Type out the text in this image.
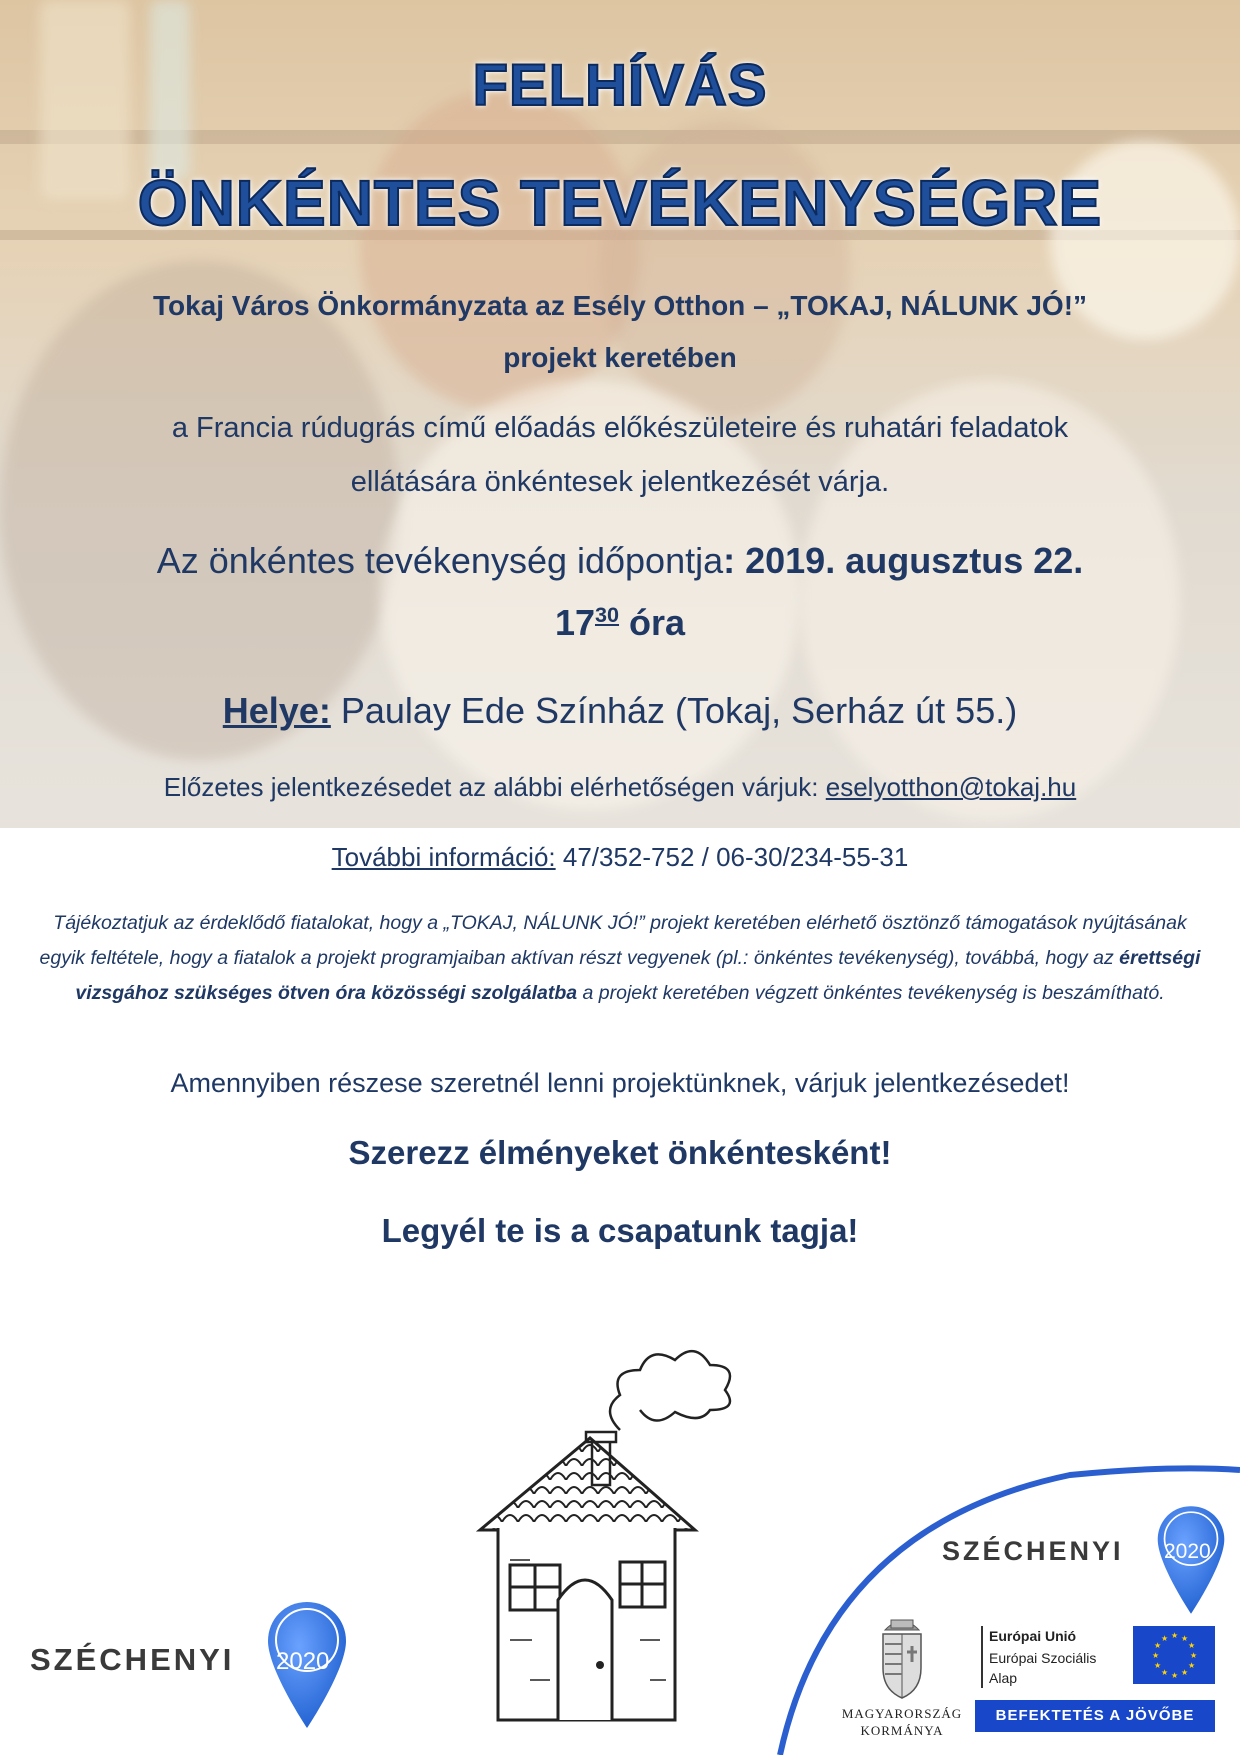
FELHÍVÁS
ÖNKÉNTES TEVÉKENYSÉGRE
Tokaj Város Önkormányzata az Esély Otthon – „TOKAJ, NÁLUNK JÓ!”
projekt keretében
a Francia rúdugrás című előadás előkészületeire és ruhatári feladatok
ellátására önkéntesek jelentkezését várja.
Az önkéntes tevékenység időpontja: 2019. augusztus 22.
$17^{30}$ óra
Helye: Paulay Ede Színház (Tokaj, Serház út 55.)
Előzetes jelentkezésedet az alábbi elérhetőségen várjuk: eselyotthon@tokaj.hu
További információ: 47/352-752 / 06-30/234-55-31
Tájékoztatjuk az érdeklődő fiatalokat, hogy a „TOKAJ, NÁLUNK JÓ!” projekt keretében elérhető ösztönző támogatások nyújtásának egyik feltétele, hogy a fiatalok a projekt programjaiban aktívan részt vegyenek (pl.: önkéntes tevékenység), továbbá, hogy az érettségi vizsgához szükséges ötven óra közösségi szolgálatba a projekt keretében végzett önkéntes tevékenység is beszámítható.
Amennyiben részese szeretnél lenni projektünknek, várjuk jelentkezésedet!
Szerezz élményeket önkéntesként!
Legyél te is a csapatunk tagja!
SZÉCHENYI 2020
SZÉCHENYI 2020
MAGYARORSZÁG
KORMÁNYA
Európai Unió
Európai Szociális
Alap
★ ★
★
★
★
★
★
★
★
★
★
★
BEFEKTETÉS A JÖVŐBE
